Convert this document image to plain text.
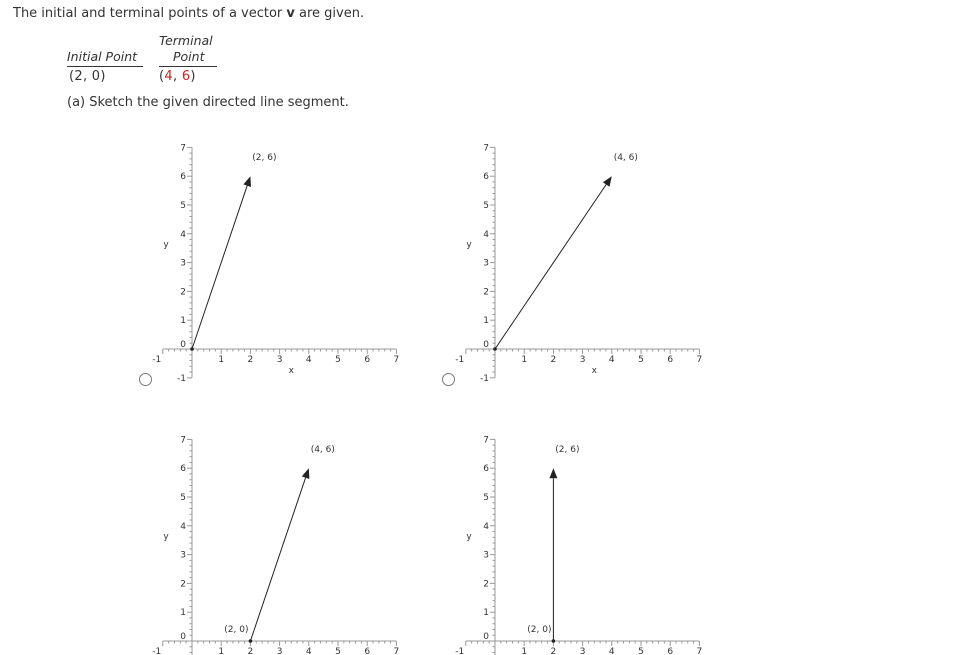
The initial and terminal points of a vector v are given.
Terminal
Initial Point	Point
(2, 0)	(4, 6)
(a) Sketch the given directed line segment.
-1	1	2	3	4	5	6	7
-1
0
1
2
3
4
5
6
7
x
y
(2, 6)
-1	1	2	3	4	5	6	7
-1
0
1
2
3
4
5
6
7
x
y
(4, 6)
-1	1	2	3	4	5	6	7
0
1
2
3
4
5
6
7
y
(4, 6)
(2, 0)
-1	1	2	3	4	5	6	7
0
1
2
3
4
5
6
7
y
(2, 6)
(2, 0)
